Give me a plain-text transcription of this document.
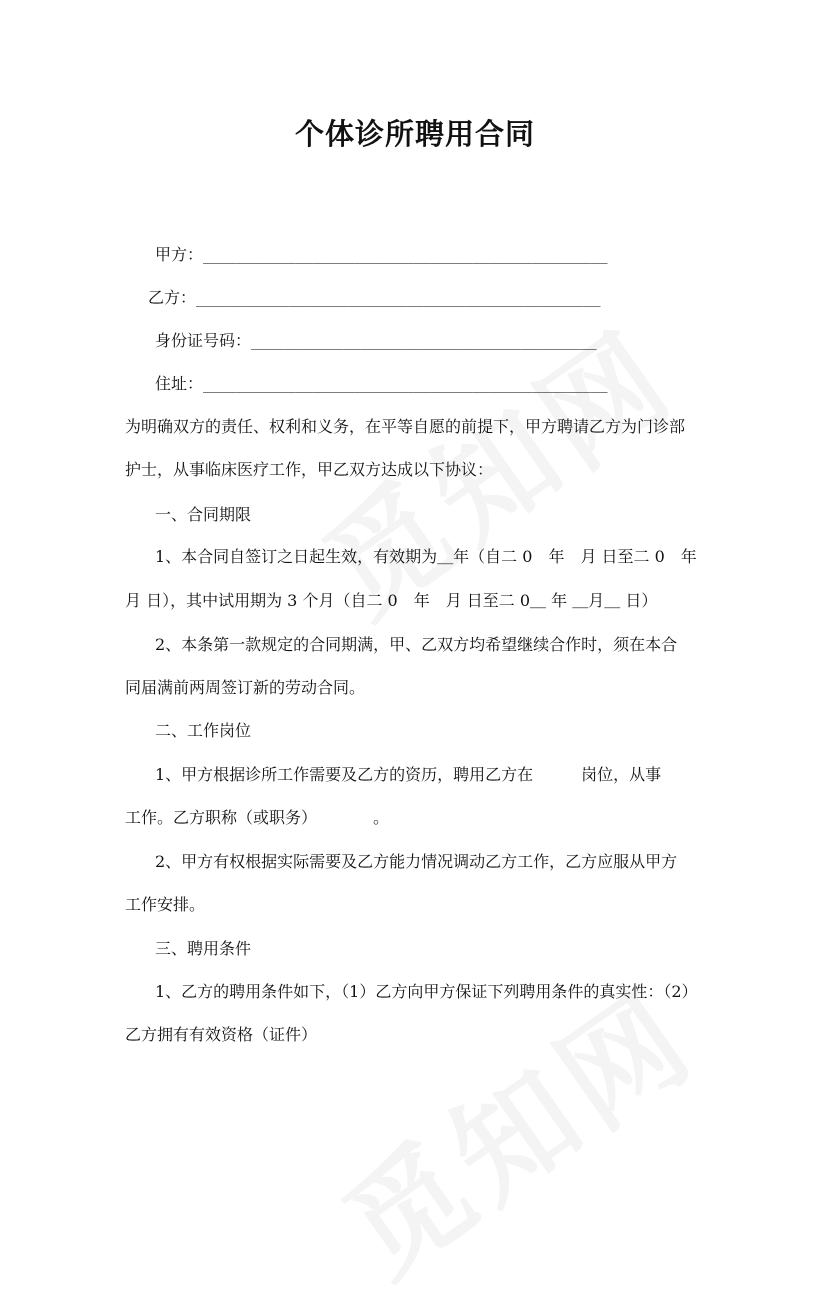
个体诊所聘用合同
甲方：________________________________________________
乙方：________________________________________________
身份证号码：_________________________________________
住址：________________________________________________
为明确双方的责任、权利和义务，在平等自愿的前提下，甲方聘请乙方为门诊部
护士，从事临床医疗工作，甲乙双方达成以下协议：
一、合同期限
1、本合同自签订之日起生效，有效期为＿年（自二 0　年　月 日至二 0　年
月 日），其中试用期为 3 个月（自二 0　年　月 日至二 0＿ 年 ＿月＿ 日）
2、本条第一款规定的合同期满，甲、乙双方均希望继续合作时，须在本合
同届满前两周签订新的劳动合同。
二、工作岗位
1、甲方根据诊所工作需要及乙方的资历，聘用乙方在　　　岗位，从事
工作。乙方职称（或职务）　　　　。
2、甲方有权根据实际需要及乙方能力情况调动乙方工作，乙方应服从甲方
工作安排。
三、聘用条件
1、乙方的聘用条件如下，（1）乙方向甲方保证下列聘用条件的真实性：（2）
乙方拥有有效资格（证件）
